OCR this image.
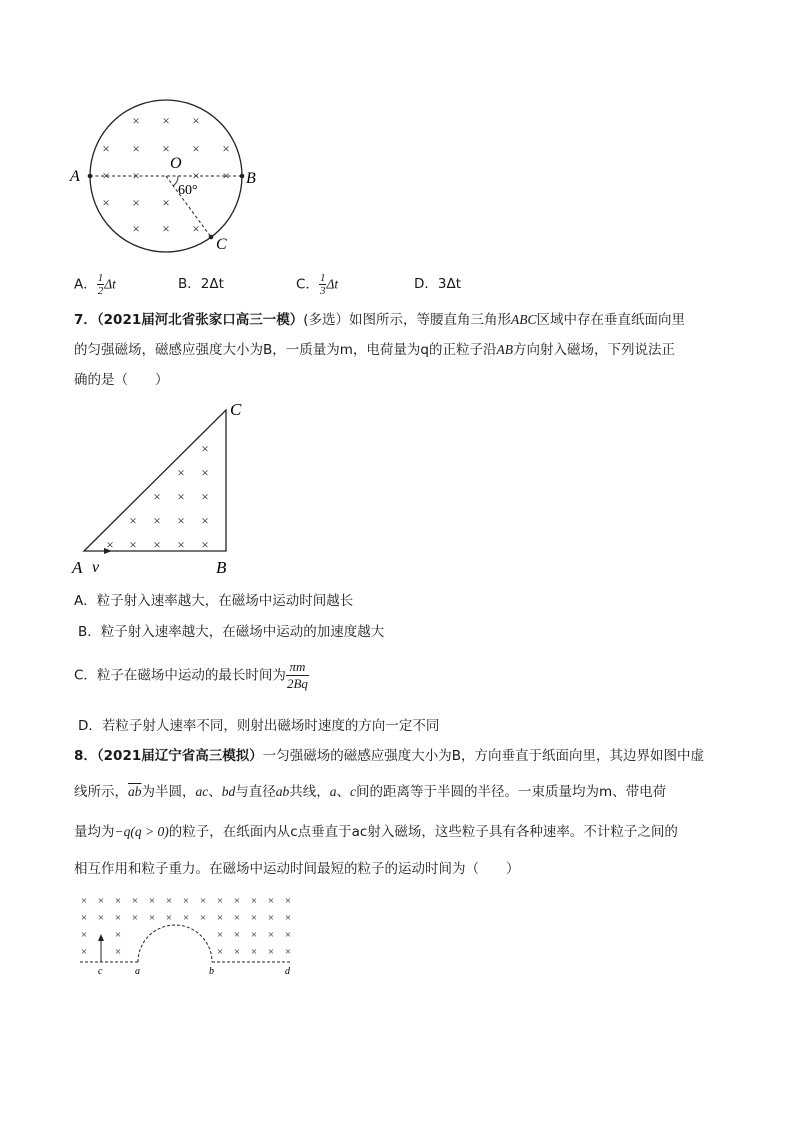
× × ×
× × × × ×
× ×	× ×
× × ×
× × ×
A	B
O
C
60°
A． $\frac{1}{2}$ Δt	B．2Δt	C． $\frac{1}{3}$ Δt	D．3Δt
7．（2021届河北省张家口高三一模）(多选）如图所示，等腰直角三角形ABC区域中存在垂直纸面向里
的匀强磁场，磁感应强度大小为B，一质量为m，电荷量为q的正粒子沿AB方向射入磁场，下列说法正
确的是（　　）
×
× ×
× × ×
× × × ×
× × × × ×
A v	B
C
A．粒子射入速率越大，在磁场中运动时间越长
B．粒子射入速率越大，在磁场中运动的加速度越大
C．粒子在磁场中运动的最长时间为 $\frac{\pi m}{2Bq}$
D．若粒子射人速率不同，则射出磁场时速度的方向一定不同
8．（2021届辽宁省高三模拟）一匀强磁场的磁感应强度大小为B，方向垂直于纸面向里，其边界如图中虚
线所示，$\overline{ab}$为半圆，ac、bd与直径ab共线，a、c间的距离等于半圆的半径。一束质量均为m、带电荷
量均为−q(q > 0)的粒子，在纸面内从c点垂直于ac射入磁场，这些粒子具有各种速率。不计粒子之间的
相互作用和粒子重力。在磁场中运动时间最短的粒子的运动时间为（　　）
× × × × × × × × × × × × ×
× × × × × × × × × × × × ×
×	×	× × × × ×
×	×	× × × × ×
c	a	b	d
